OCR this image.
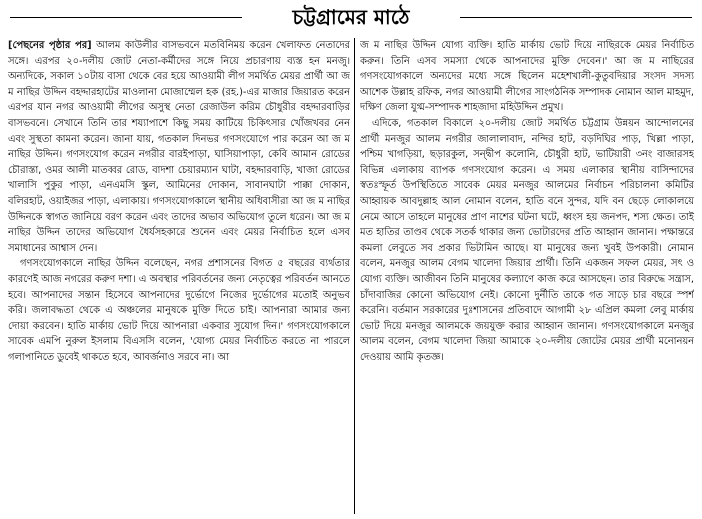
চট্টগ্রামের মাঠে

[পেছনের পৃষ্ঠার পর] আলম কাউলীর বাসভবনে মতবিনিময় করেন খেলাফত নেতাদের সঙ্গে। এরপর ২০-দলীয় জোট নেতা-কর্মীদের সঙ্গে নিয়ে প্রচারণায় ব্যস্ত হন মনজু। অন্যদিকে, সকাল ১০টায় বাসা থেকে বের হয়ে আওয়ামী লীগ সমর্থিত মেয়র প্রার্থী আ জ ম নাছির উদ্দিন বহদ্দারহাটের মাওলানা মোজাম্মেল হক (রহ.)-এর মাজার জিয়ারত করেন এরপর যান নগর আওয়ামী লীগের অসুস্থ নেতা রেজাউল করিম চৌধুরীর বহদ্দারবাড়ির বাসভবনে। সেখানে তিনি তার শয্যাপাশে কিছু সময় কাটিয়ে চিকিৎসার খোঁজখবর নেন এবং সুস্থতা কামনা করেন। জানা যায়, গতকাল দিনভর গণসংযোগে পার করেন আ জ ম নাছির উদ্দিন। গণসংযোগ করেন নগরীর বারইপাড়া, ঘাসিয়াপাড়া, কেবি আমান রোডের চৌরাস্তা, ওমর আলী মাতব্বর রোড, বাদশা চেয়ারম্যান ঘাটা, বহদ্দারবাড়ি, খাজা রোডের খালাসি পুকুর পাড়া, এনএমসি স্কুল, আমিনের দোকান, সাবানঘাটা পাক্কা দোকান, বলিরহাট, ওয়াইজর পাড়া, এলাকায়। গণসংযোগকালে স্থানীয় অধিবাসীরা আ জ ম নাছির উদ্দিনকে স্বাগত জানিয়ে বরণ করেন এবং তাদের অভাব অভিযোগ তুলে ধরেন। আ জ ম নাছির উদ্দিন তাদের অভিযোগ ধৈর্যসহকারে শুনেন এবং মেয়র নির্বাচিত হলে এসব সমাধানের আশ্বাস দেন।

গণসংযোগকালে নাছির উদ্দিন বলেছেন, নগর প্রশাসনের বিগত ৫ বছরের ব্যর্থতার কারণেই আজ নগরের করুণ দশা। এ অবস্থার পরিবর্তনের জন্য নেতৃত্বের পরিবর্তন আনতে হবে। আপনাদের সন্তান হিসেবে আপনাদের দুর্ভোগে নিজের দুর্ভোগের মতোই অনুভব করি। জলাবদ্ধতা থেকে এ অঞ্চলের মানুষকে মুক্তি দিতে চাই। আপনারা আমার জন্য দোয়া করবেন। হাতি মার্কায় ভোট দিয়ে আপনারা একবার সুযোগ দিন।' গণসংযোগকালে সাবেক এমপি নুরুল ইসলাম বিএসসি বলেন, 'যোগ্য মেয়র নির্বাচিত করতে না পারলে গলাপানিতে ডুবেই থাকতে হবে, আবর্জনাও সরবে না। আ

জ ম নাছির উদ্দিন যোগ্য ব্যক্তি। হাতি মার্কায় ভোট দিয়ে নাছিরকে মেয়র নির্বাচিত করুন। তিনি এসব সমস্যা থেকে আপনাদের মুক্তি দেবেন।' আ জ ম নাছিরের গণসংযোগকালে অন্যদের মধ্যে সঙ্গে ছিলেন মহেশখালী-কুতুবদিয়ার সংসদ সদস্য আশেক উল্লাহ রফিক, নগর আওয়ামী লীগের সাংগঠনিক সম্পাদক নোমান আল মাহমুদ, দক্ষিণ জেলা যুগ্ম-সম্পাদক শাহজাদা মহিউদ্দিন প্রমুখ।

এদিকে, গতকাল বিকালে ২০-দলীয় জোট সমর্থিত চট্টগ্রাম উন্নয়ন আন্দোলনের প্রার্থী মনজুর আলম নগরীর জালালাবাদ, নন্দির হাট, বড়দিঘির পাড়, খিল্লা পাড়া, পশ্চিম খাগড়িয়া, ছড়ারকুল, সন্দ্বীপ কলোনি, চৌধুরী হাট, ভাটিয়ারী ৩নং বাজারসহ বিভিন্ন এলাকায় ব্যাপক গণসংযোগ করেন। এ সময় এলাকার স্থানীয় বাসিন্দাদের স্বতঃস্ফূর্ত উপস্থিতিতে সাবেক মেয়র মনজুর আলমের নির্বাচন পরিচালনা কমিটির আহ্বায়ক আবদুল্লাহ আল নোমান বলেন, হাতি বনে সুন্দর, যদি বন ছেড়ে লোকালয়ে নেমে আসে তাহলে মানুষের প্রাণ নাশের ঘটনা ঘটে, ধ্বংস হয় জনপদ, শস্য ক্ষেত। তাই মত হাতির তাণ্ডব থেকে সতর্ক থাকার জন্য ভোটারদের প্রতি আহ্বান জানান। পক্ষান্তরে কমলা লেবুতে সব প্রকার ভিটামিন আছে। যা মানুষের জন্য খুবই উপকারী। নোমান বলেন, মনজুর আলম বেগম খালেদা জিয়ার প্রার্থী। তিনি একজন সফল মেয়র, সৎ ও যোগ্য ব্যক্তি। আজীবন তিনি মানুষের কল্যাণে কাজ করে আসছেন। তার বিরুদ্ধে সন্ত্রাস, চাঁদাবাজির কোনো অভিযোগ নেই। কোনো দুর্নীতি তাকে গত সাড়ে চার বছরে স্পর্শ করেনি। বর্তমান সরকারের দুঃশাসনের প্রতিবাদে আগামী ২৮ এপ্রিল কমলা লেবু মার্কায় ভোট দিয়ে মনজুর আলমকে জয়যুক্ত করার আহ্বান জানান। গণসংযোগকালে মনজুর আলম বলেন, বেগম খালেদা জিয়া আমাকে ২০-দলীয় জোটের মেয়র প্রার্থী মনোনয়ন দেওয়ায় আমি কৃতজ্ঞ।
